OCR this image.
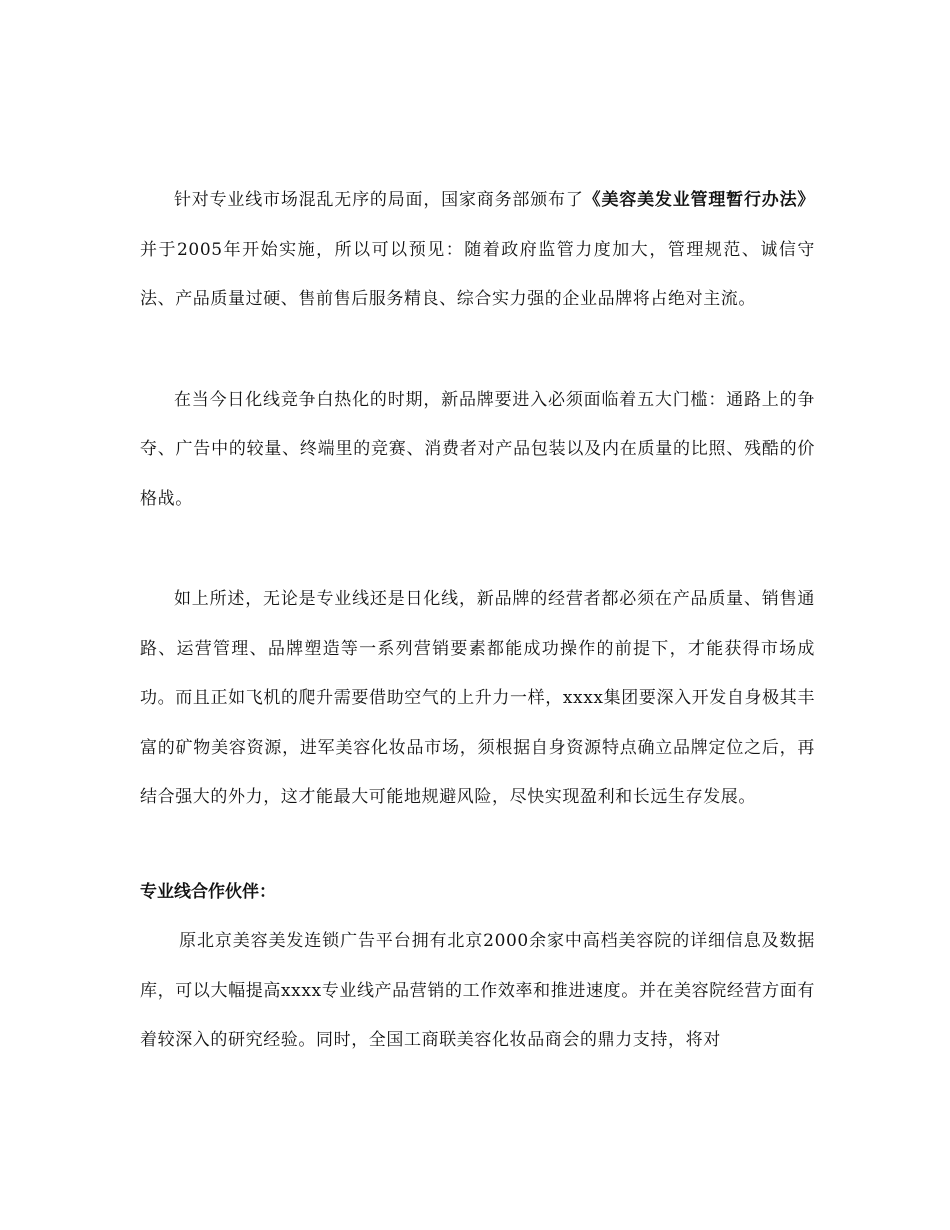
针对专业线市场混乱无序的局面，国家商务部颁布了《美容美发业管理暂行办法》并于2005年开始实施，所以可以预见：随着政府监管力度加大，管理规范、诚信守法、产品质量过硬、售前售后服务精良、综合实力强的企业品牌将占绝对主流。

在当今日化线竞争白热化的时期，新品牌要进入必须面临着五大门槛：通路上的争夺、广告中的较量、终端里的竞赛、消费者对产品包装以及内在质量的比照、残酷的价格战。

如上所述，无论是专业线还是日化线，新品牌的经营者都必须在产品质量、销售通路、运营管理、品牌塑造等一系列营销要素都能成功操作的前提下，才能获得市场成功。而且正如飞机的爬升需要借助空气的上升力一样，xxxx集团要深入开发自身极其丰富的矿物美容资源，进军美容化妆品市场，须根据自身资源特点确立品牌定位之后，再结合强大的外力，这才能最大可能地规避风险，尽快实现盈利和长远生存发展。

专业线合作伙伴：

原北京美容美发连锁广告平台拥有北京2000余家中高档美容院的详细信息及数据库，可以大幅提高xxxx专业线产品营销的工作效率和推进速度。并在美容院经营方面有着较深入的研究经验。同时，全国工商联美容化妆品商会的鼎力支持，将对
